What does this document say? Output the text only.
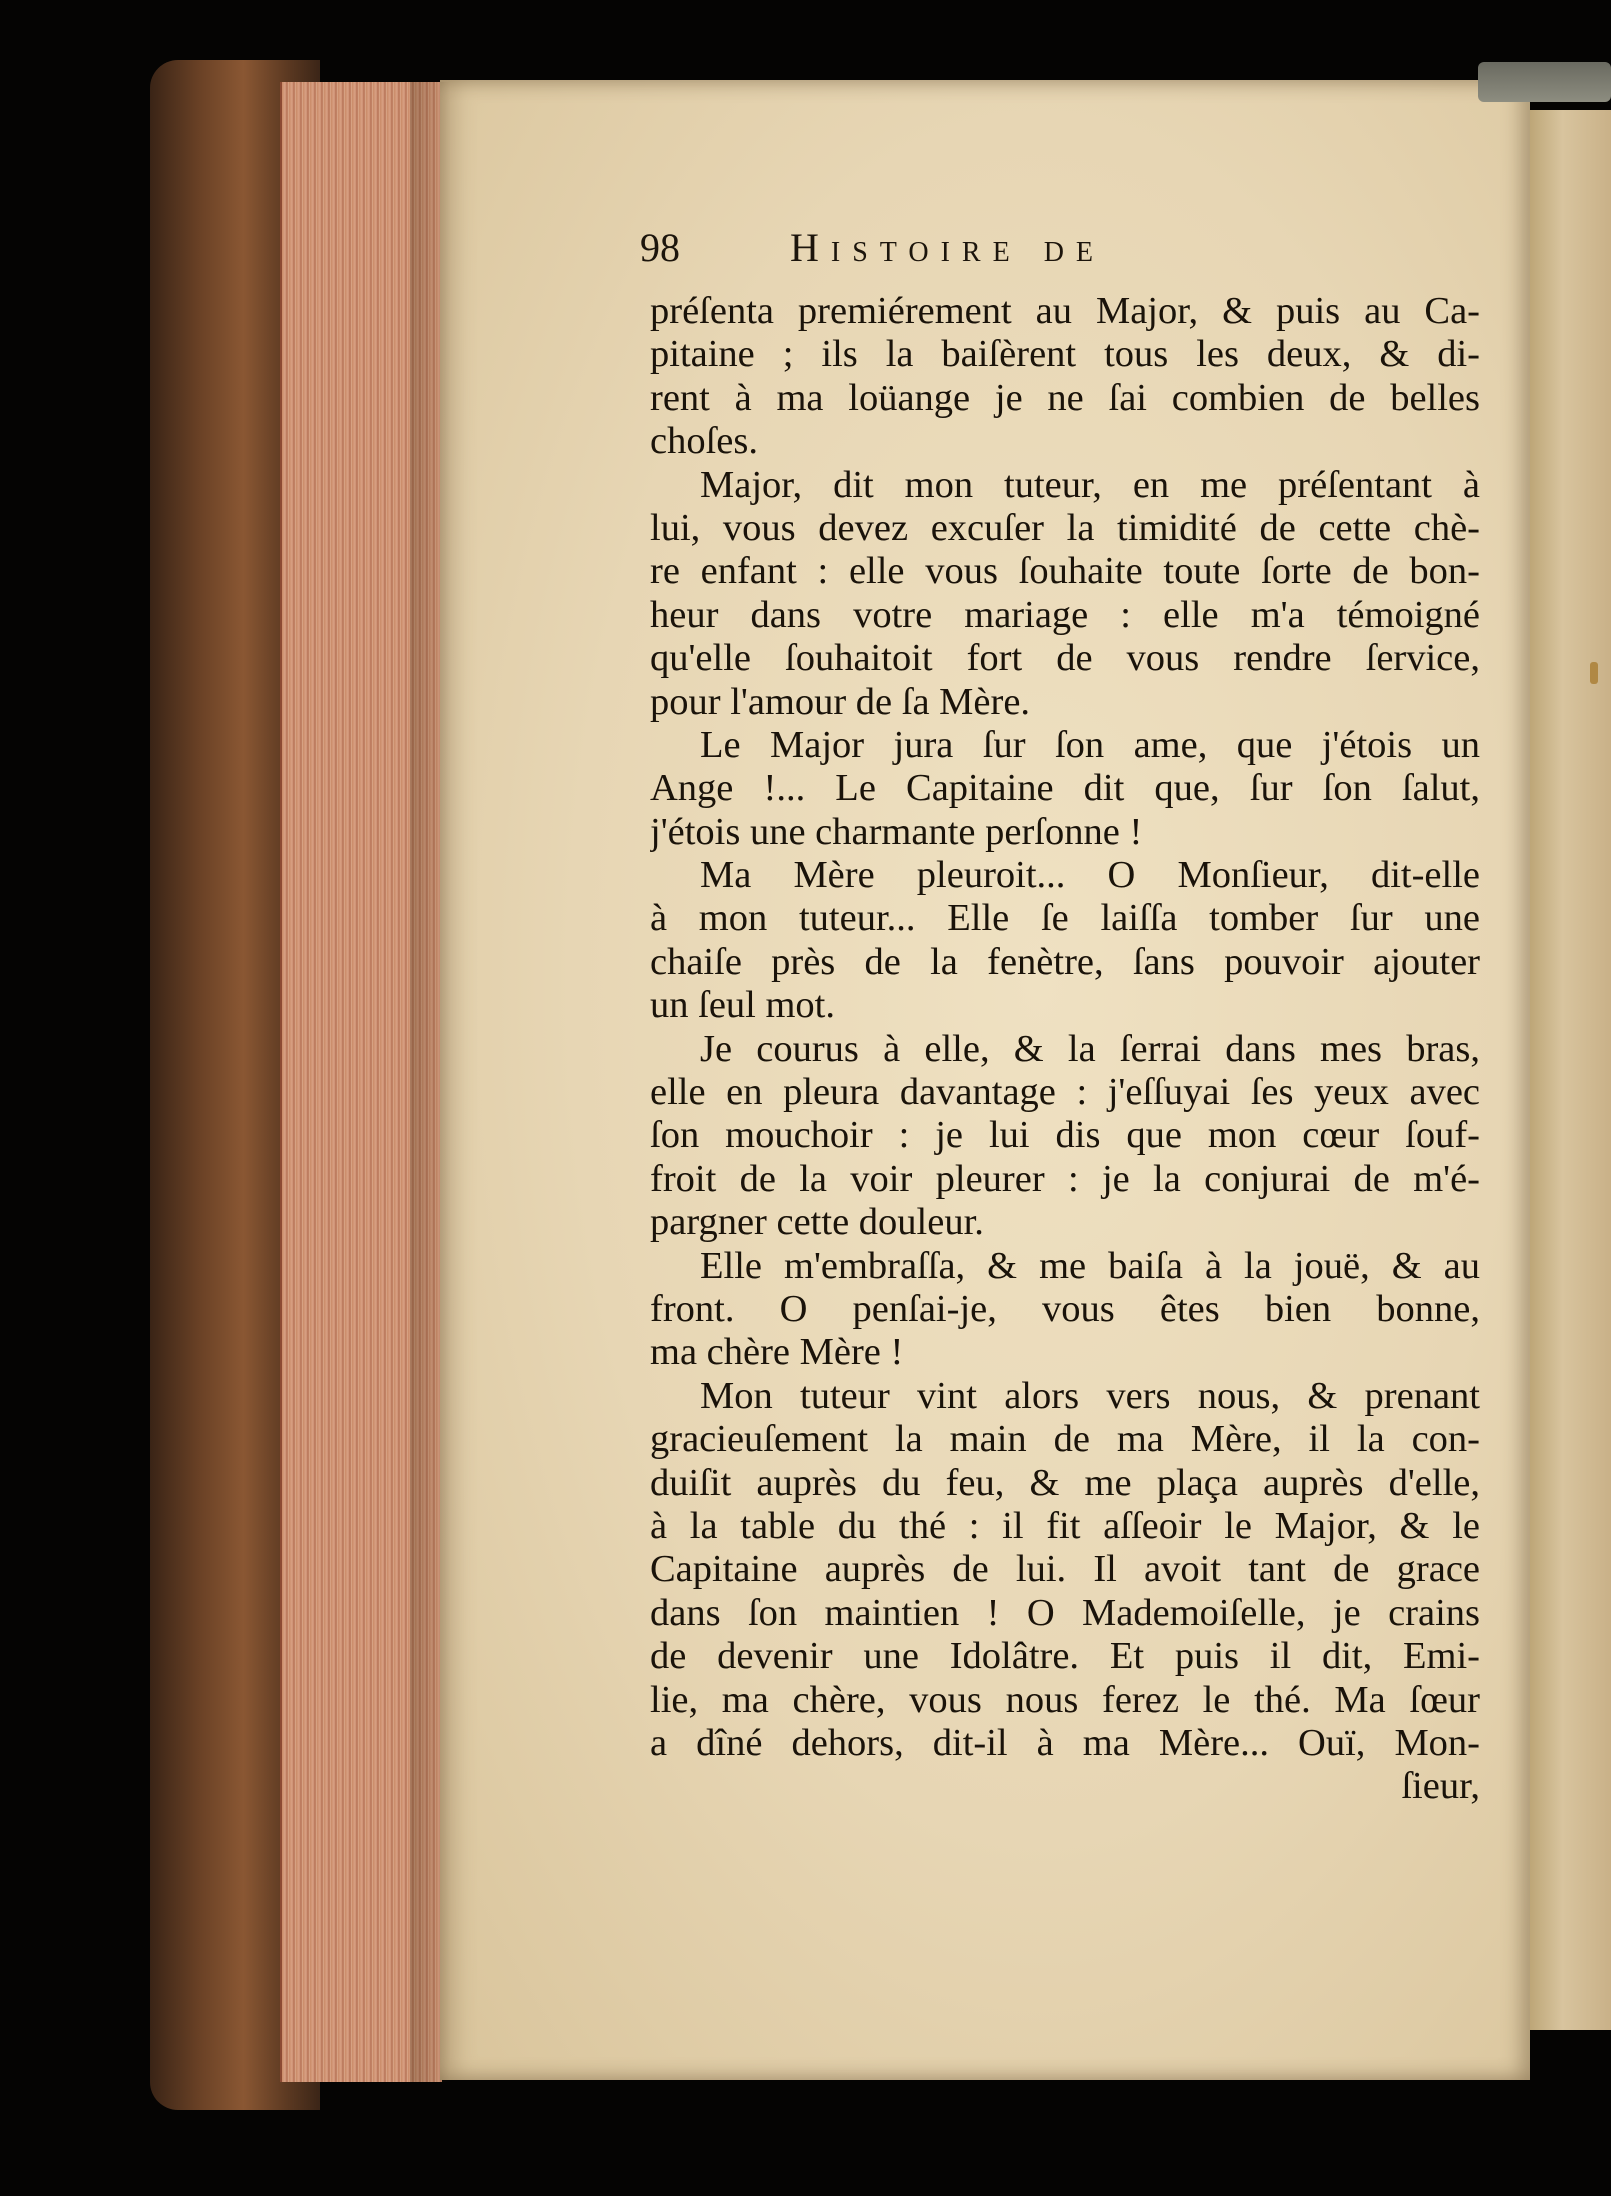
98	Histoire de
préſenta premiérement au Major, & puis au Ca-
pitaine ; ils la baiſèrent tous les deux, & di-
rent à ma loüange je ne ſai combien de belles
choſes.
Major, dit mon tuteur, en me préſentant à
lui, vous devez excuſer la timidité de cette chè-
re enfant : elle vous ſouhaite toute ſorte de bon-
heur dans votre mariage : elle m'a témoigné
qu'elle ſouhaitoit fort de vous rendre ſervice,
pour l'amour de ſa Mère.
Le Major jura ſur ſon ame, que j'étois un
Ange !... Le Capitaine dit que, ſur ſon ſalut,
j'étois une charmante perſonne !
Ma Mère pleuroit... O Monſieur, dit-elle
à mon tuteur... Elle ſe laiſſa tomber ſur une
chaiſe près de la fenètre, ſans pouvoir ajouter
un ſeul mot.
Je courus à elle, & la ſerrai dans mes bras,
elle en pleura davantage : j'eſſuyai ſes yeux avec
ſon mouchoir : je lui dis que mon cœur ſouf-
froit de la voir pleurer : je la conjurai de m'é-
pargner cette douleur.
Elle m'embraſſa, & me baiſa à la jouë, & au
front. O penſai-je, vous êtes bien bonne,
ma chère Mère !
Mon tuteur vint alors vers nous, & prenant
gracieuſement la main de ma Mère, il la con-
duiſit auprès du feu, & me plaça auprès d'elle,
à la table du thé : il fit aſſeoir le Major, & le
Capitaine auprès de lui. Il avoit tant de grace
dans ſon maintien ! O Mademoiſelle, je crains
de devenir une Idolâtre. Et puis il dit, Emi-
lie, ma chère, vous nous ferez le thé. Ma ſœur
a dîné dehors, dit-il à ma Mère... Ouï, Mon-
ſieur,
